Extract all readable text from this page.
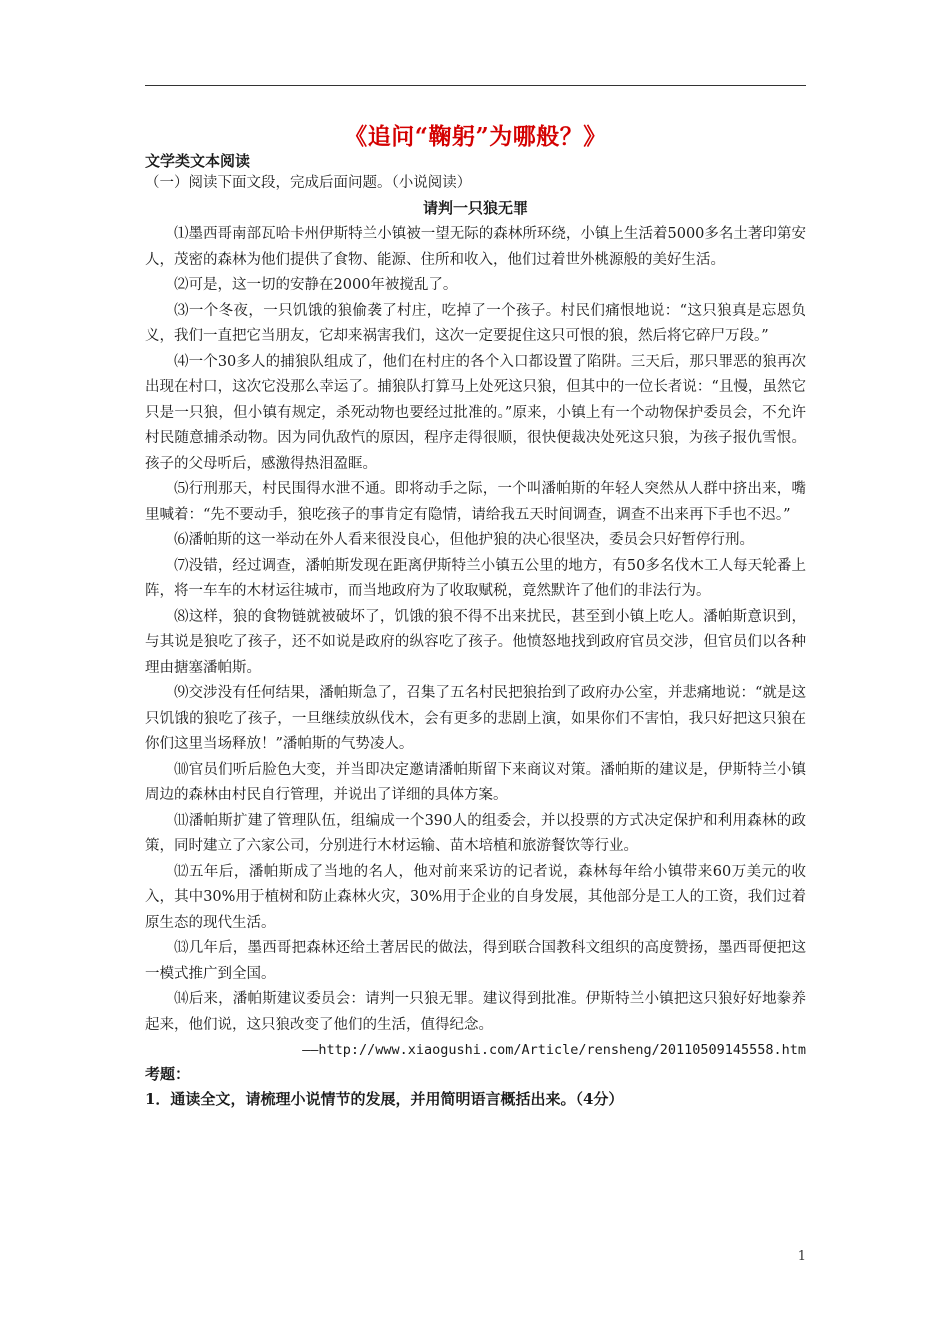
《追问“鞠躬”为哪般？》

文学类文本阅读

（一）阅读下面文段，完成后面问题。（小说阅读）

请判一只狼无罪

⑴墨西哥南部瓦哈卡州伊斯特兰小镇被一望无际的森林所环绕，小镇上生活着5000多名土著印第安人，茂密的森林为他们提供了食物、能源、住所和收入，他们过着世外桃源般的美好生活。

⑵可是，这一切的安静在2000年被搅乱了。

⑶一个冬夜，一只饥饿的狼偷袭了村庄，吃掉了一个孩子。村民们痛恨地说：“这只狼真是忘恩负义，我们一直把它当朋友，它却来祸害我们，这次一定要捉住这只可恨的狼，然后将它碎尸万段。”

⑷一个30多人的捕狼队组成了，他们在村庄的各个入口都设置了陷阱。三天后，那只罪恶的狼再次出现在村口，这次它没那么幸运了。捕狼队打算马上处死这只狼，但其中的一位长者说：“且慢，虽然它只是一只狼，但小镇有规定，杀死动物也要经过批准的。”原来，小镇上有一个动物保护委员会，不允许村民随意捕杀动物。因为同仇敌忾的原因，程序走得很顺，很快便裁决处死这只狼，为孩子报仇雪恨。孩子的父母听后，感激得热泪盈眶。

⑸行刑那天，村民围得水泄不通。即将动手之际，一个叫潘帕斯的年轻人突然从人群中挤出来，嘴里喊着：“先不要动手，狼吃孩子的事肯定有隐情，请给我五天时间调查，调查不出来再下手也不迟。”

⑹潘帕斯的这一举动在外人看来很没良心，但他护狼的决心很坚决，委员会只好暂停行刑。

⑺没错，经过调查，潘帕斯发现在距离伊斯特兰小镇五公里的地方，有50多名伐木工人每天轮番上阵，将一车车的木材运往城市，而当地政府为了收取赋税，竟然默许了他们的非法行为。

⑻这样，狼的食物链就被破坏了，饥饿的狼不得不出来扰民，甚至到小镇上吃人。潘帕斯意识到，与其说是狼吃了孩子，还不如说是政府的纵容吃了孩子。他愤怒地找到政府官员交涉，但官员们以各种理由搪塞潘帕斯。

⑼交涉没有任何结果，潘帕斯急了，召集了五名村民把狼抬到了政府办公室，并悲痛地说：“就是这只饥饿的狼吃了孩子，一旦继续放纵伐木，会有更多的悲剧上演，如果你们不害怕，我只好把这只狼在你们这里当场释放！”潘帕斯的气势凌人。

⑽官员们听后脸色大变，并当即决定邀请潘帕斯留下来商议对策。潘帕斯的建议是，伊斯特兰小镇周边的森林由村民自行管理，并说出了详细的具体方案。

⑾潘帕斯扩建了管理队伍，组编成一个390人的组委会，并以投票的方式决定保护和利用森林的政策，同时建立了六家公司，分别进行木材运输、苗木培植和旅游餐饮等行业。

⑿五年后，潘帕斯成了当地的名人，他对前来采访的记者说，森林每年给小镇带来60万美元的收入，其中30%用于植树和防止森林火灾，30%用于企业的自身发展，其他部分是工人的工资，我们过着原生态的现代生活。

⒀几年后，墨西哥把森林还给土著居民的做法，得到联合国教科文组织的高度赞扬，墨西哥便把这一模式推广到全国。

⒁后来，潘帕斯建议委员会：请判一只狼无罪。建议得到批准。伊斯特兰小镇把这只狼好好地豢养起来，他们说，这只狼改变了他们的生活，值得纪念。

——http://www.xiaogushi.com/Article/rensheng/20110509145558.htm

考题：

1．通读全文，请梳理小说情节的发展，并用简明语言概括出来。（4分）

1
